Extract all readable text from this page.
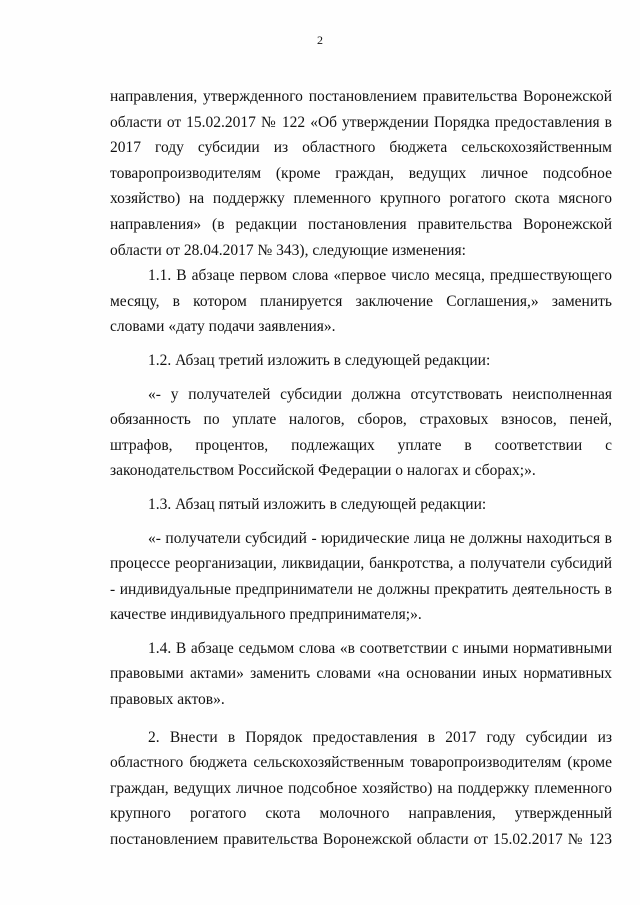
2

направления, утвержденного постановлением правительства Воронежской области от 15.02.2017 № 122 «Об утверждении Порядка предоставления в 2017 году субсидии из областного бюджета сельскохозяйственным товаропроизводителям (кроме граждан, ведущих личное подсобное хозяйство) на поддержку племенного крупного рогатого скота мясного направления» (в редакции постановления правительства Воронежской области от 28.04.2017 № 343), следующие изменения:

1.1. В абзаце первом слова «первое число месяца, предшествующего месяцу, в котором планируется заключение Соглашения,» заменить словами «дату подачи заявления».

1.2. Абзац третий изложить в следующей редакции:

«- у получателей субсидии должна отсутствовать неисполненная обязанность по уплате налогов, сборов, страховых взносов, пеней, штрафов, процентов, подлежащих уплате в соответствии с законодательством Российской Федерации о налогах и сборах;».

1.3. Абзац пятый изложить в следующей редакции:

«- получатели субсидий - юридические лица не должны находиться в процессе реорганизации, ликвидации, банкротства, а получатели субсидий - индивидуальные предприниматели не должны прекратить деятельность в качестве индивидуального предпринимателя;».

1.4. В абзаце седьмом слова «в соответствии с иными нормативными правовыми актами» заменить словами «на основании иных нормативных правовых актов».

2. Внести в Порядок предоставления в 2017 году субсидии из областного бюджета сельскохозяйственным товаропроизводителям (кроме граждан, ведущих личное подсобное хозяйство) на поддержку племенного крупного рогатого скота молочного направления, утвержденный постановлением правительства Воронежской области от 15.02.2017 № 123
